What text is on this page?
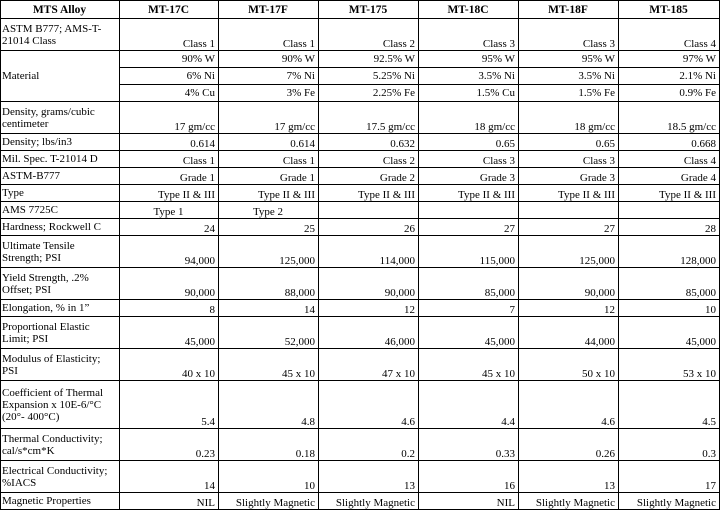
MTS Alloy	MT-17C	MT-17F	MT-175	MT-18C	MT-18F	MT-185
ASTM B777; AMS-T-21014 Class	Class 1	Class 1	Class 2	Class 3	Class 3	Class 4
Material	90% W	90% W	92.5% W	95% W	95% W	97% W
	6% Ni	7% Ni	5.25% Ni	3.5% Ni	3.5% Ni	2.1% Ni
	4% Cu	3% Fe	2.25% Fe	1.5% Cu	1.5% Fe	0.9% Fe
Density, grams/cubic centimeter	17 gm/cc	17 gm/cc	17.5 gm/cc	18 gm/cc	18 gm/cc	18.5 gm/cc
Density; lbs/in3	0.614	0.614	0.632	0.65	0.65	0.668
Mil. Spec. T-21014 D	Class 1	Class 1	Class 2	Class 3	Class 3	Class 4
ASTM-B777	Grade 1	Grade 1	Grade 2	Grade 3	Grade 3	Grade 4
Type	Type II & III	Type II & III	Type II & III	Type II & III	Type II & III	Type II & III
AMS 7725C	Type 1	Type 2				
Hardness; Rockwell C	24	25	26	27	27	28
Ultimate Tensile Strength; PSI	94,000	125,000	114,000	115,000	125,000	128,000
Yield Strength, .2% Offset; PSI	90,000	88,000	90,000	85,000	90,000	85,000
Elongation, % in 1”	8	14	12	7	12	10
Proportional Elastic Limit; PSI	45,000	52,000	46,000	45,000	44,000	45,000
Modulus of Elasticity; PSI	40 x 10	45 x 10	47 x 10	45 x 10	50 x 10	53 x 10
Coefficient of Thermal Expansion x 10E-6/°C (20°- 400°C)	5.4	4.8	4.6	4.4	4.6	4.5
Thermal Conductivity; cal/s*cm*K	0.23	0.18	0.2	0.33	0.26	0.3
Electrical Conductivity; %IACS	14	10	13	16	13	17
Magnetic Properties	NIL	Slightly Magnetic	Slightly Magnetic	NIL	Slightly Magnetic	Slightly Magnetic
